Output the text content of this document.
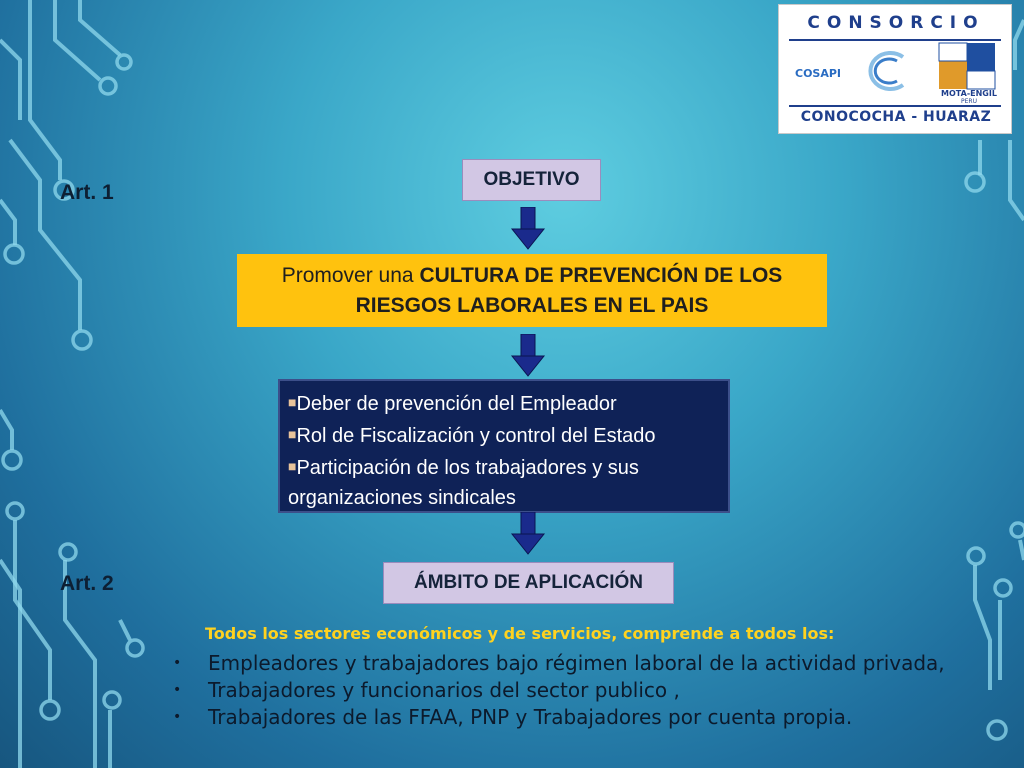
CONSORCIO
COSAPI
MOTA-ENGIL
PERU
CONOCOCHA - HUARAZ
Art. 1
Art. 2
OBJETIVO
Promover una CULTURA DE PREVENCIÓN DE LOS RIESGOS LABORALES EN EL PAIS
■Deber de prevención del Empleador
■Rol de Fiscalización y control del Estado
■Participación de los trabajadores y sus organizaciones sindicales
ÁMBITO DE APLICACIÓN
Todos los sectores económicos y de servicios, comprende a todos los:
• Empleadores y trabajadores bajo régimen laboral de la actividad privada,
• Trabajadores y funcionarios del sector publico ,
• Trabajadores de las FFAA, PNP y Trabajadores por cuenta propia.
